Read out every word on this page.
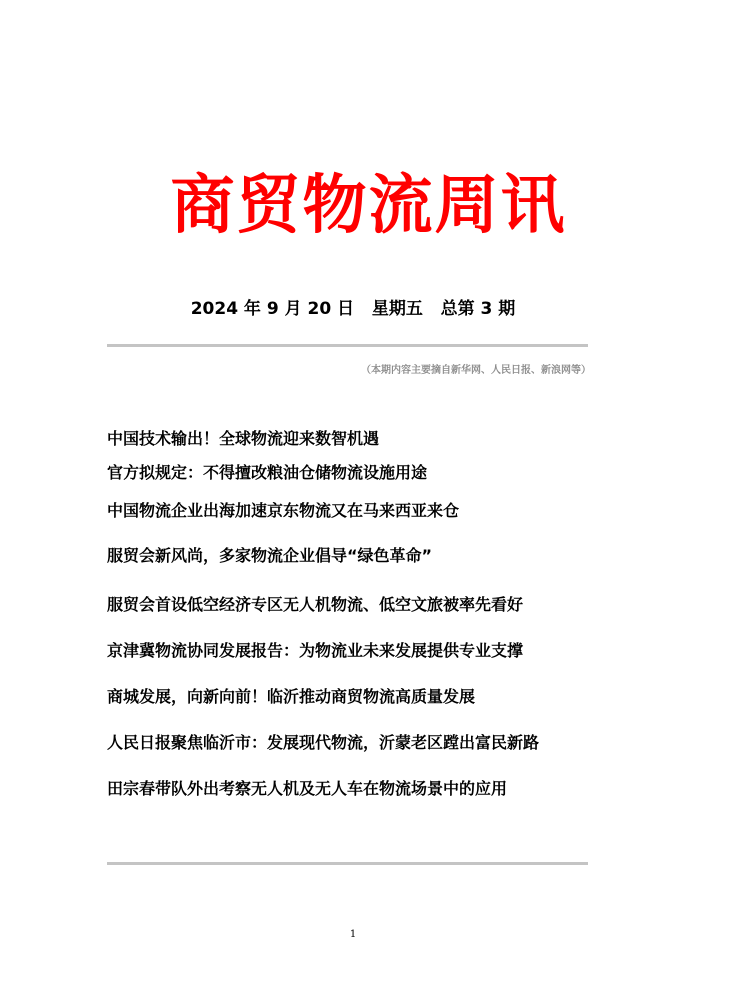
商贸物流周讯
2024 年 9 月 20 日   星期五   总第 3 期
（本期内容主要摘自新华网、人民日报、新浪网等）
中国技术输出！全球物流迎来数智机遇
官方拟规定：不得擅改粮油仓储物流设施用途
中国物流企业出海加速京东物流又在马来西亚来仓
服贸会新风尚，多家物流企业倡导“绿色革命”
服贸会首设低空经济专区无人机物流、低空文旅被率先看好
京津冀物流协同发展报告：为物流业未来发展提供专业支撑
商城发展，向新向前！临沂推动商贸物流高质量发展
人民日报聚焦临沂市：发展现代物流，沂蒙老区蹚出富民新路
田宗春带队外出考察无人机及无人车在物流场景中的应用
1
